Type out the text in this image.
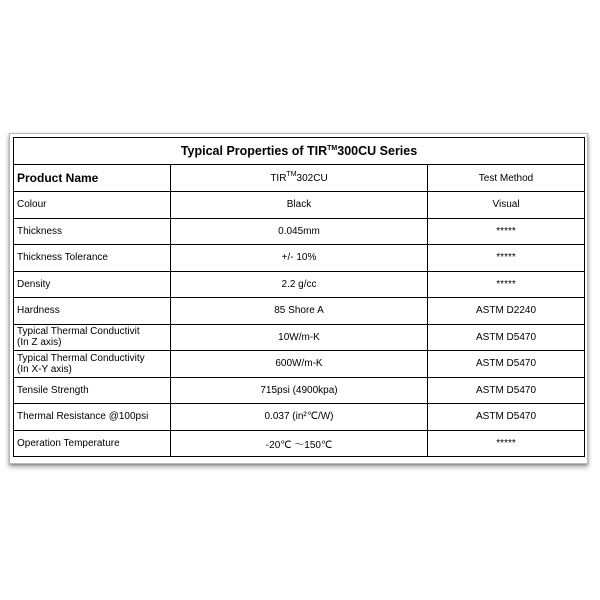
Typical Properties of TIR™300CU Series		
Product Name	TIR™302CU	Test Method
Colour	Black	Visual
Thickness	0.045mm	*****
Thickness Tolerance	+/- 10%	*****
Density	2.2 g/cc	*****
Hardness	85 Shore A	ASTM D2240
Typical Thermal Conductivit
(In Z axis)	10W/m-K	ASTM D5470
Typical Thermal Conductivity
(In X-Y axis)	600W/m-K	ASTM D5470
Tensile Strength	715psi (4900kpa)	ASTM D5470
Thermal Resistance @100psi	0.037 (in²℃/W)	ASTM D5470
Operation Temperature	-20℃ ～150℃	*****
